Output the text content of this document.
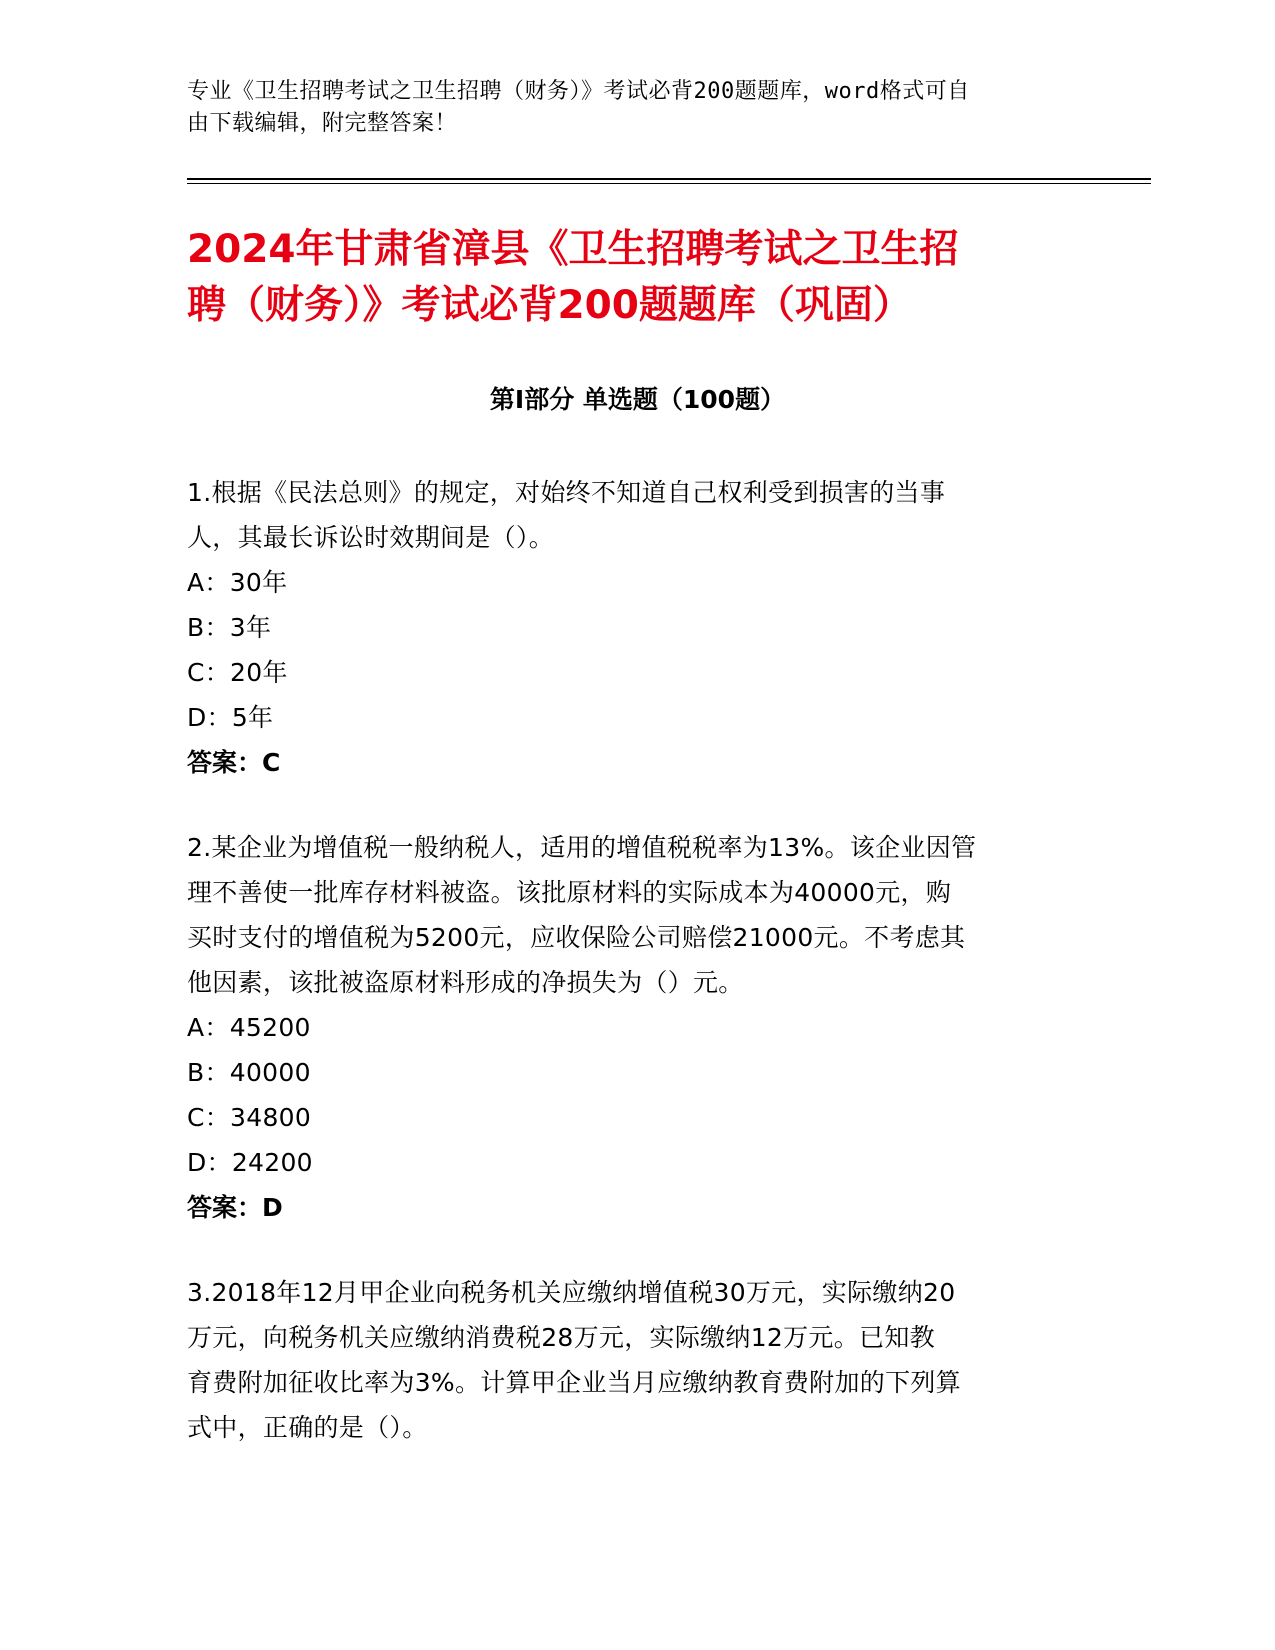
专业《卫生招聘考试之卫生招聘（财务）》考试必背200题题库，word格式可自
由下载编辑，附完整答案！
2024年甘肃省漳县《卫生招聘考试之卫生招
聘（财务）》考试必背200题题库（巩固）
第Ⅰ部分 单选题（100题）
1.根据《民法总则》的规定，对始终不知道自己权利受到损害的当事
人，其最长诉讼时效期间是（）。
A：30年
B：3年
C：20年
D：5年
答案：C
2.某企业为增值税一般纳税人，适用的增值税税率为13%。该企业因管
理不善使一批库存材料被盗。该批原材料的实际成本为40000元，购
买时支付的增值税为5200元，应收保险公司赔偿21000元。不考虑其
他因素，该批被盗原材料形成的净损失为（）元。
A：45200
B：40000
C：34800
D：24200
答案：D
3.2018年12月甲企业向税务机关应缴纳增值税30万元，实际缴纳20
万元，向税务机关应缴纳消费税28万元，实际缴纳12万元。已知教
育费附加征收比率为3%。计算甲企业当月应缴纳教育费附加的下列算
式中，正确的是（）。
